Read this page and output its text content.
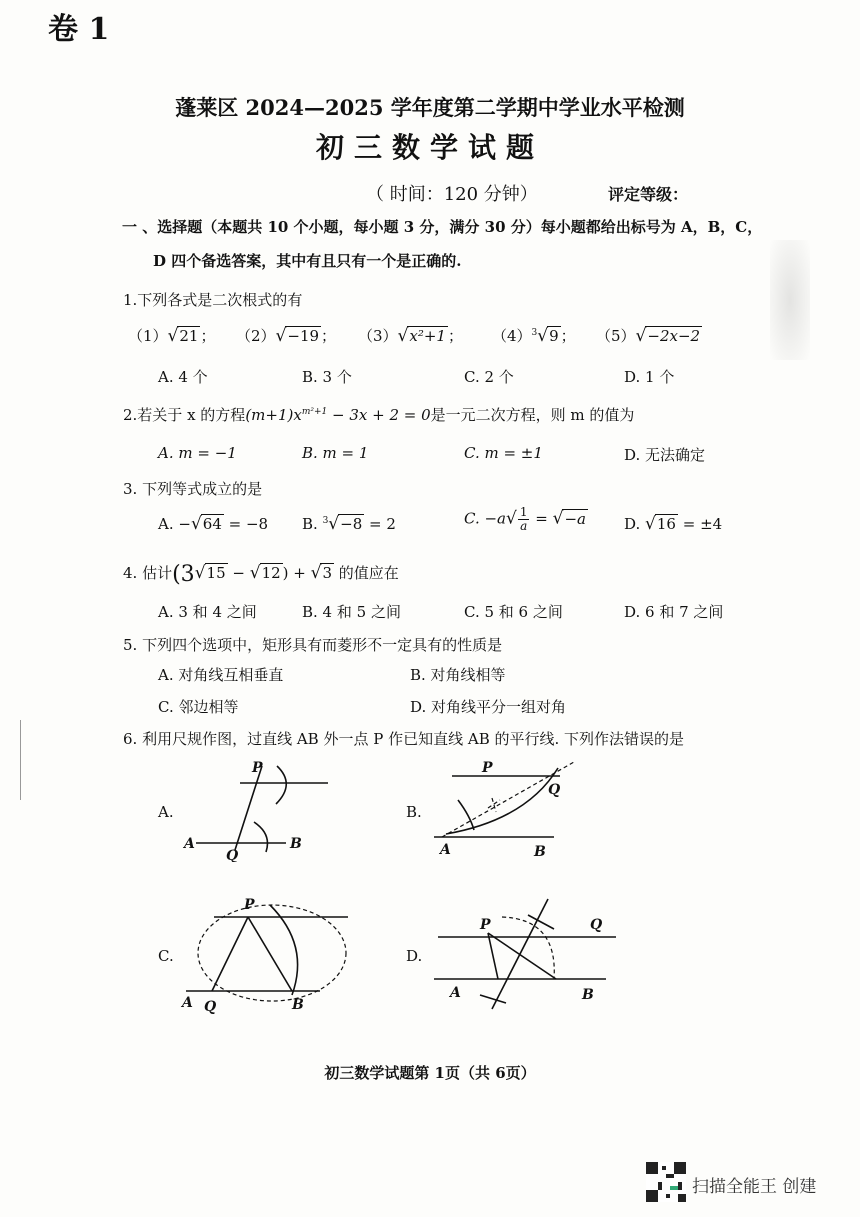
卷 1
蓬莱区 2024—2025 学年度第二学期中学业水平检测
初三数学试题
（ 时间：120 分钟）	评定等级：
一 、选择题（本题共 10 个小题，每小题 3 分，满分 30 分）每小题都给出标号为 A，B，C，
D 四个备选答案，其中有且只有一个是正确的.
1.下列各式是二次根式的有
（1）√21 ； （2）√−19 ； （3）√x²+1 ； $(4)^3√9$ ； （5）√−2x−2
A. 4 个	B. 3 个	C. 2 个	D. 1 个
2.若关于 x 的方程$(m+1)x^{m^2+1} - 3x + 2 = 0$是一元二次方程，则 m 的值为
A. m = −1	B. m = 1	C. m = ±1	D. 无法确定
3. 下列等式成立的是
A. −√64 = −8 B. $^3$√−8 = 2	C. $-a√ \frac{1}{a} = √-a$	D. √16 = ±4
4. 估计(3√15 − √12 ) + √3 的值应在
A. 3 和 4 之间	B. 4 和 5 之间	C. 5 和 6 之间	D. 6 和 7 之间
5. 下列四个选项中，矩形具有而菱形不一定具有的性质是
A. 对角线互相垂直	B. 对角线相等
C. 邻边相等	D. 对角线平分一组对角
6. 利用尺规作图，过直线 AB 外一点 P 作已知直线 AB 的平行线. 下列作法错误的是
A.	B.
C.	D.
P
A
Q
B
P
Q
A	B
P
A Q	B
P	Q
A	B
初三数学试题第 1页（共 6页）
扫描全能王 创建
